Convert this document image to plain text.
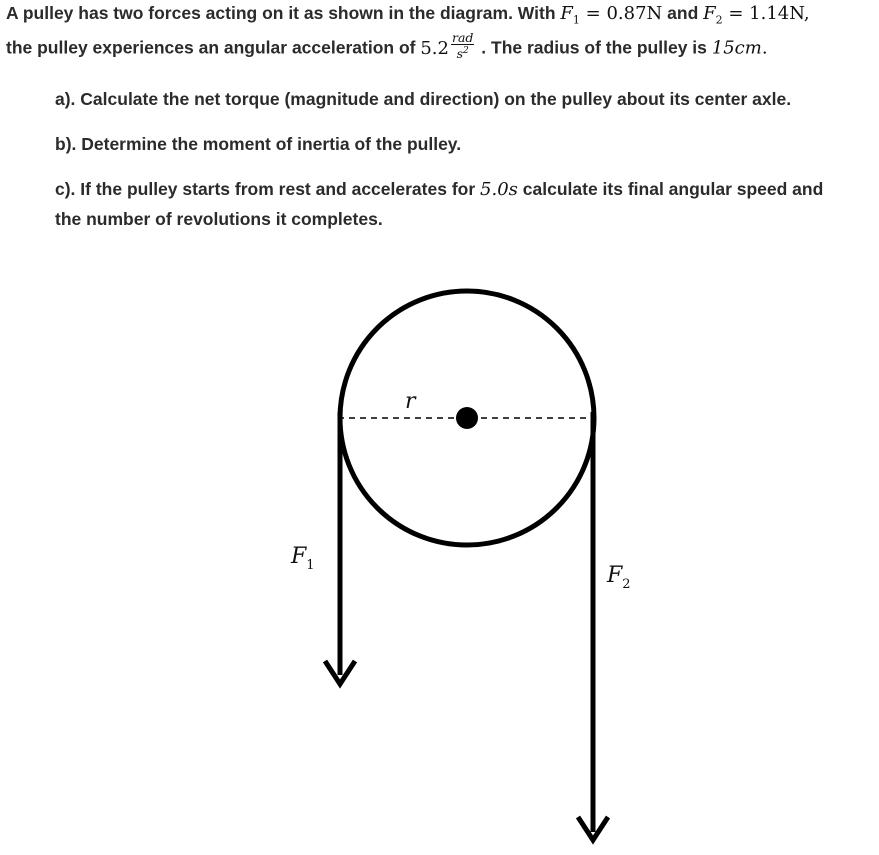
A pulley has two forces acting on it as shown in the diagram. With $F_1 = 0.87N$ and $F_2 = 1.14N$,
the pulley experiences an angular acceleration of $5.2 \frac{\text{rad}}{s^2}$ . The radius of the pulley is 15cm.
a). Calculate the net torque (magnitude and direction) on the pulley about its center axle.
b). Determine the moment of inertia of the pulley.
c). If the pulley starts from rest and accelerates for 5.0s calculate its final angular speed and
the number of revolutions it completes.
r
$F_1$	$F_2$
